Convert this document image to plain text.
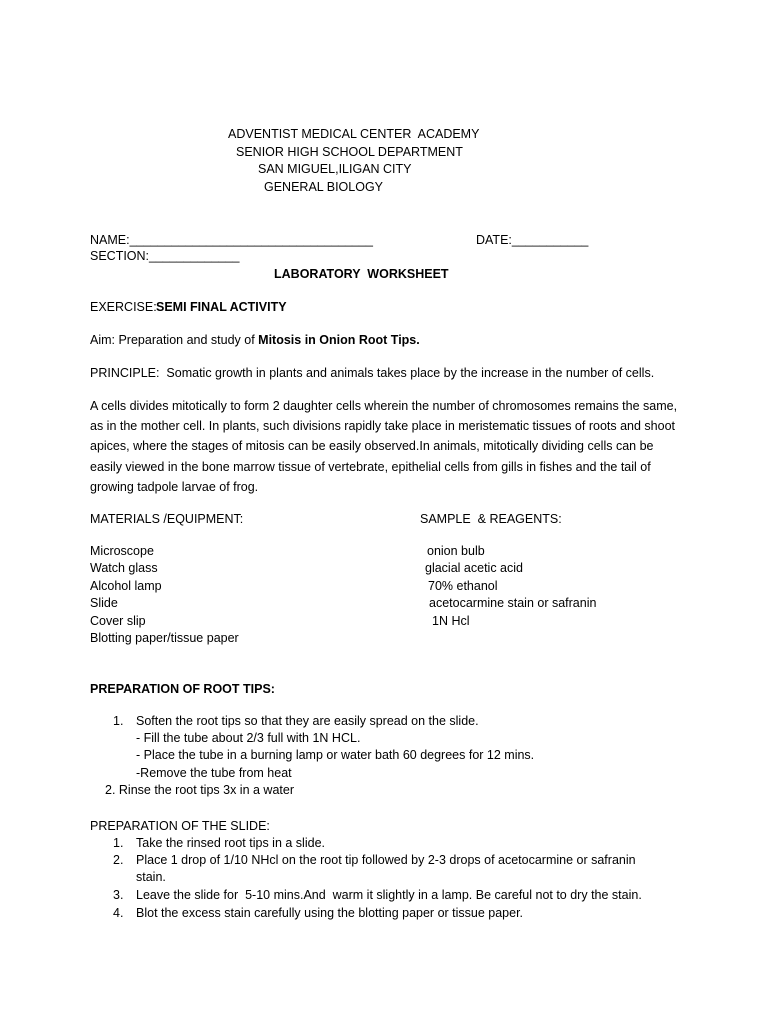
ADVENTIST MEDICAL CENTER  ACADEMY
SENIOR HIGH SCHOOL DEPARTMENT
SAN MIGUEL,ILIGAN CITY
GENERAL BIOLOGY
NAME:___________________________________	DATE:___________
SECTION:_____________
LABORATORY  WORKSHEET
EXERCISE: SEMI FINAL ACTIVITY
Aim: Preparation and study of Mitosis in Onion Root Tips.
PRINCIPLE:  Somatic growth in plants and animals takes place by the increase in the number of cells.
A cells divides mitotically to form 2 daughter cells wherein the number of chromosomes remains the same, as in the mother cell. In plants, such divisions rapidly take place in meristematic tissues of roots and shoot apices, where the stages of mitosis can be easily observed.In animals, mitotically dividing cells can be easily viewed in the bone marrow tissue of vertebrate, epithelial cells from gills in fishes and the tail of growing tadpole larvae of frog.
MATERIALS /EQUIPMENT:	SAMPLE  & REAGENTS:
Microscope
Watch glass
Alcohol lamp
Slide
Cover slip
Blotting paper/tissue paper
onion bulb
glacial acetic acid
70% ethanol
acetocarmine stain or safranin
1N Hcl
PREPARATION OF ROOT TIPS:
1. Soften the root tips so that they are easily spread on the slide.
- Fill the tube about 2/3 full with 1N HCL.
- Place the tube in a burning lamp or water bath 60 degrees for 12 mins.
-Remove the tube from heat
2. Rinse the root tips 3x in a water
PREPARATION OF THE SLIDE:
1. Take the rinsed root tips in a slide.
2. Place 1 drop of 1/10 NHcl on the root tip followed by 2-3 drops of acetocarmine or safranin
stain.
3. Leave the slide for  5-10 mins.And  warm it slightly in a lamp. Be careful not to dry the stain.
4. Blot the excess stain carefully using the blotting paper or tissue paper.
